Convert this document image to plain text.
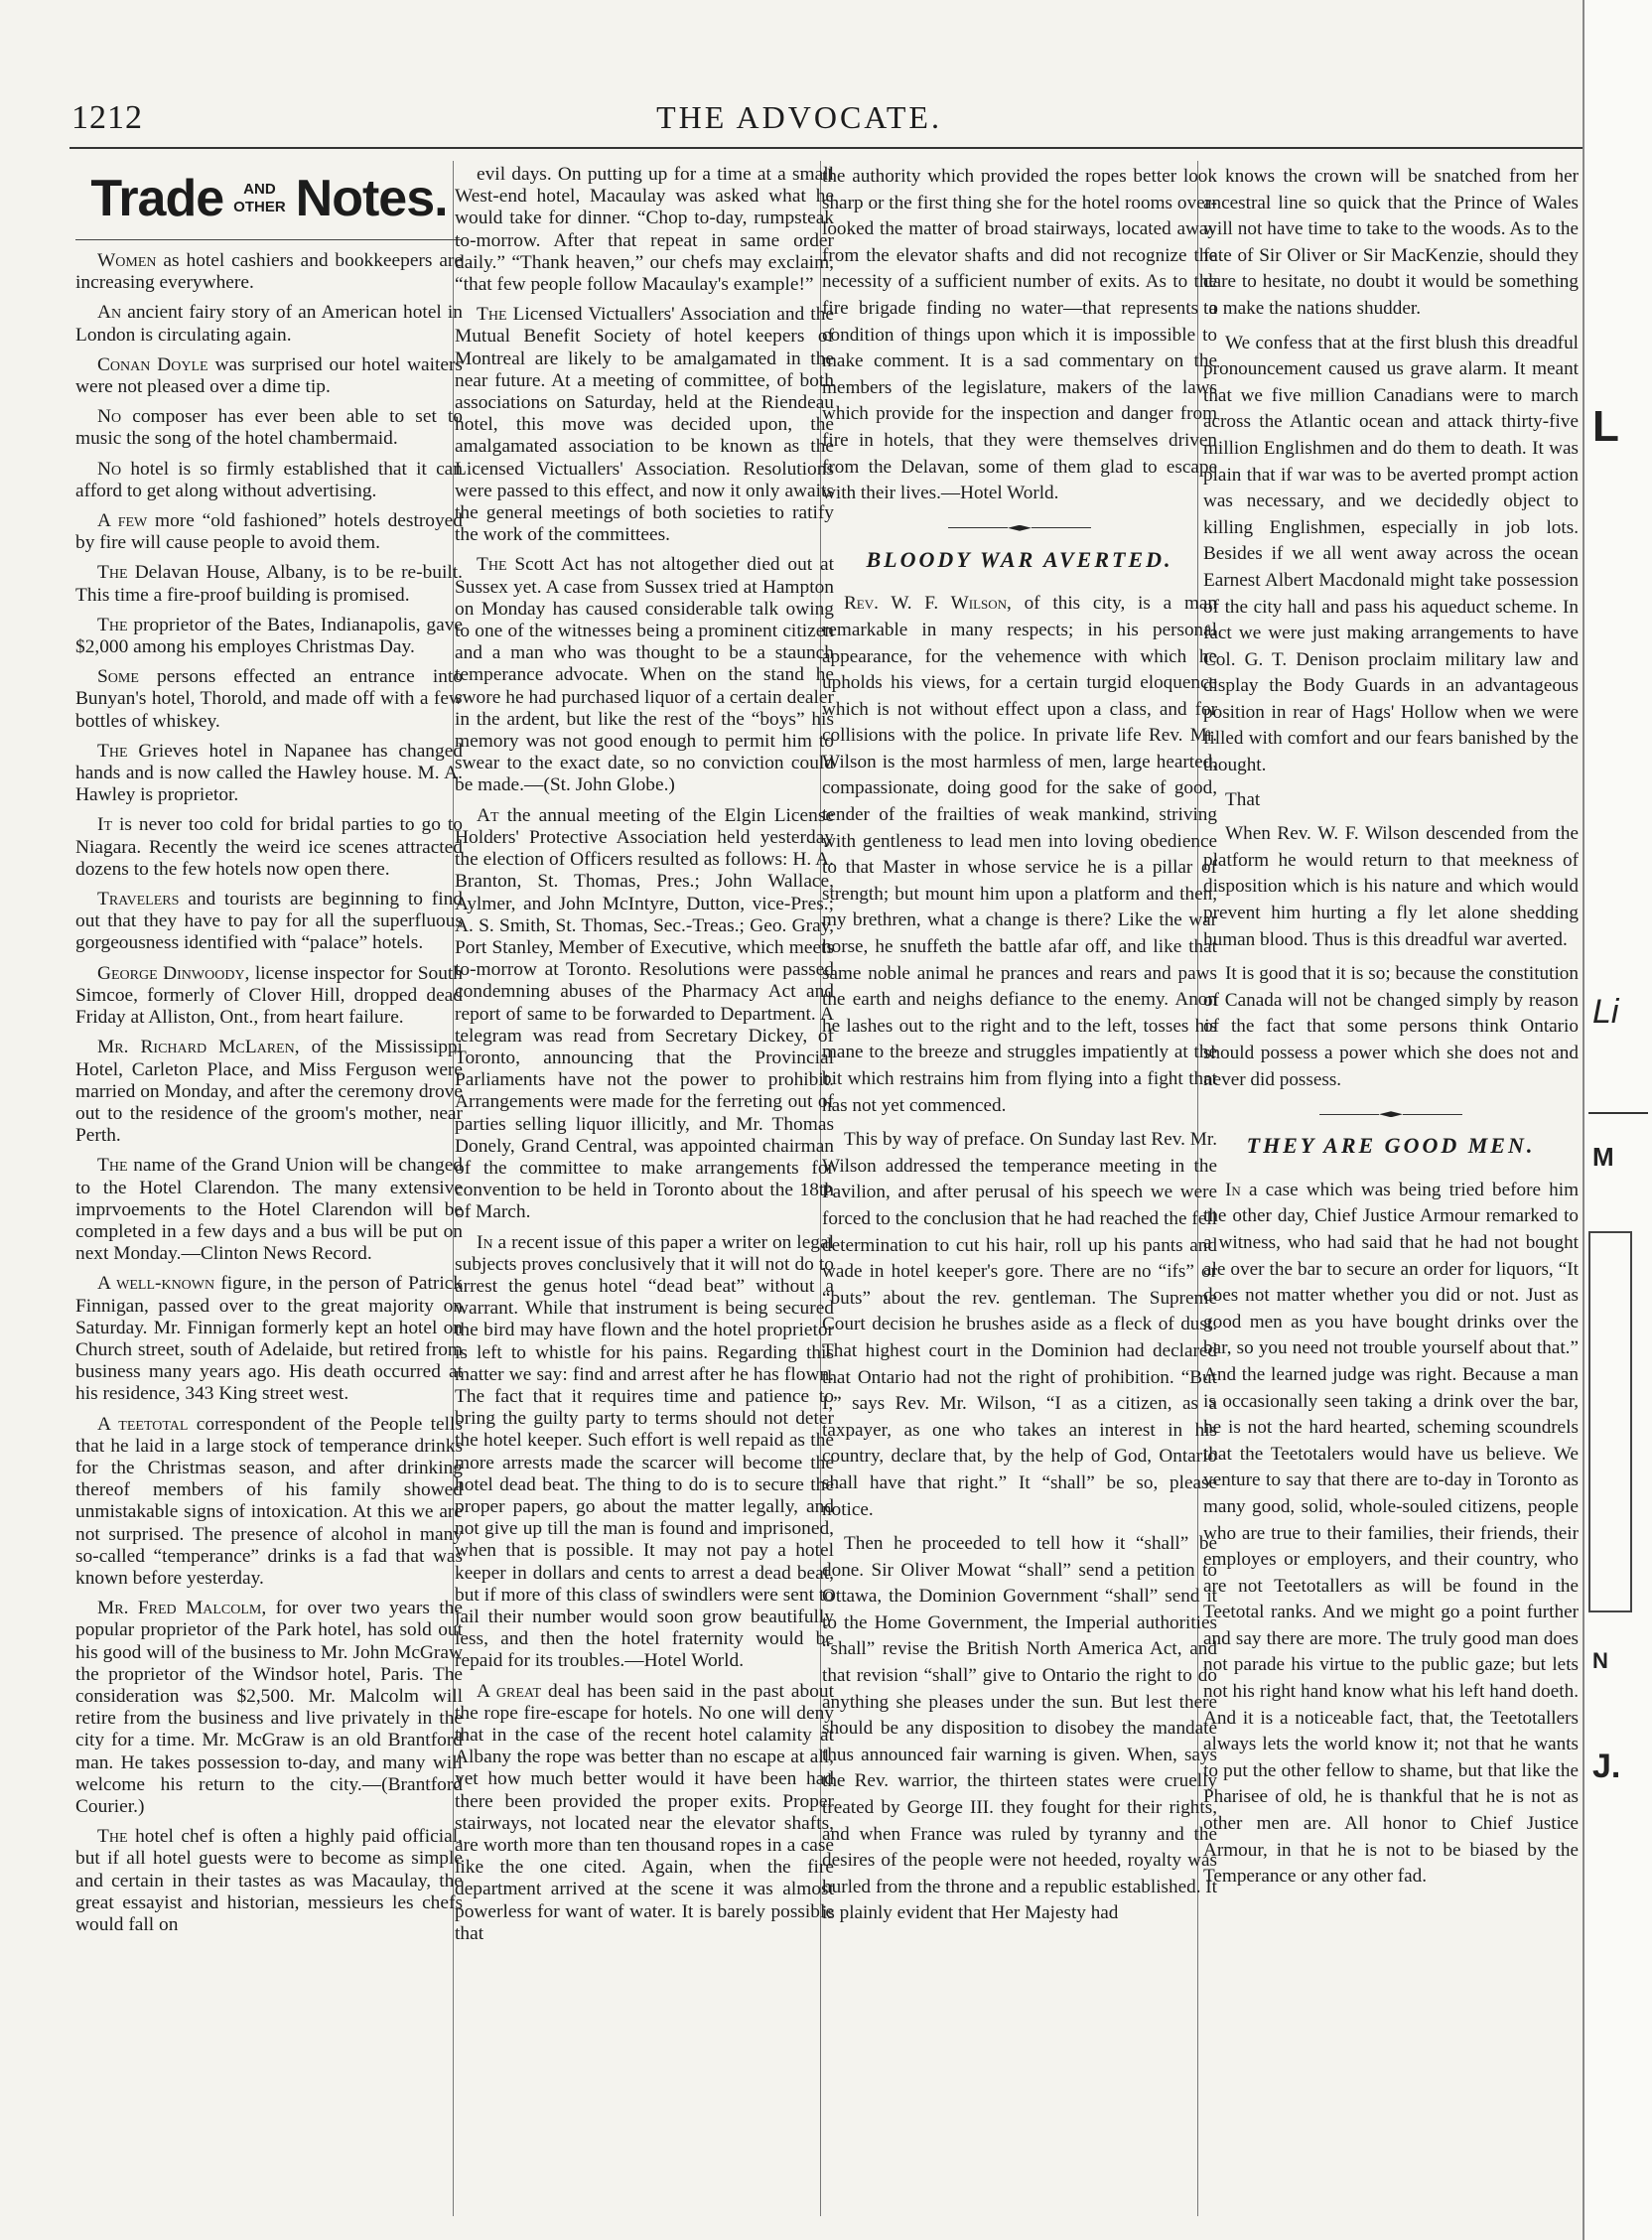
1212	THE ADVOCATE.
Trade AND
OTHER Notes.

Women as hotel cashiers and bookkeepers are increasing everywhere.

An ancient fairy story of an American hotel in London is circulating again.

Conan Doyle was surprised our hotel waiters were not pleased over a dime tip.

No composer has ever been able to set to music the song of the hotel chambermaid.

No hotel is so firmly established that it can afford to get along without advertising.

A few more “old fashioned” hotels destroyed by fire will cause people to avoid them.

The Delavan House, Albany, is to be re-built. This time a fire-proof building is promised.

The proprietor of the Bates, Indianapolis, gave $2,000 among his employes Christmas Day.

Some persons effected an entrance into Bunyan's hotel, Thorold, and made off with a few bottles of whiskey.

The Grieves hotel in Napanee has changed hands and is now called the Hawley house. M. A. Hawley is proprietor.

It is never too cold for bridal parties to go to Niagara. Recently the weird ice scenes attracted dozens to the few hotels now open there.

Travelers and tourists are beginning to find out that they have to pay for all the superfluous gorgeousness identified with “palace” hotels.

George Dinwoody, license inspector for South Simcoe, formerly of Clover Hill, dropped dead Friday at Alliston, Ont., from heart failure.

Mr. Richard McLaren, of the Mississippi Hotel, Carleton Place, and Miss Ferguson were married on Monday, and after the ceremony drove out to the residence of the groom's mother, near Perth.

The name of the Grand Union will be changed to the Hotel Clarendon. The many extensive imprvoements to the Hotel Clarendon will be completed in a few days and a bus will be put on next Monday.—Clinton News Record.

A well-known figure, in the person of Patrick Finnigan, passed over to the great majority on Saturday. Mr. Finnigan formerly kept an hotel on Church street, south of Adelaide, but retired from business many years ago. His death occurred at his residence, 343 King street west.

A teetotal correspondent of the People tells that he laid in a large stock of temperance drinks for the Christmas season, and after drinking thereof members of his family showed unmistakable signs of intoxication. At this we are not surprised. The presence of alcohol in many so-called “temperance” drinks is a fad that was known before yesterday.

Mr. Fred Malcolm, for over two years the popular proprietor of the Park hotel, has sold out his good will of the business to Mr. John McGraw the proprietor of the Windsor hotel, Paris. The consideration was $2,500. Mr. Malcolm will retire from the business and live privately in the city for a time. Mr. McGraw is an old Brantford man. He takes possession to-day, and many will welcome his return to the city.—(Brantford Courier.)

The hotel chef is often a highly paid official, but if all hotel guests were to become as simple and certain in their tastes as was Macaulay, the great essayist and historian, messieurs les chefs would fall on

evil days. On putting up for a time at a small West-end hotel, Macaulay was asked what he would take for dinner. “Chop to-day, rumpsteak to-morrow. After that repeat in same order daily.” “Thank heaven,” our chefs may exclaim, “that few people follow Macaulay's example!”

The Licensed Victuallers' Association and the Mutual Benefit Society of hotel keepers of Montreal are likely to be amalgamated in the near future. At a meeting of committee, of both associations on Saturday, held at the Riendeau hotel, this move was decided upon, the amalgamated association to be known as the Licensed Victuallers' Association. Resolutions were passed to this effect, and now it only awaits the general meetings of both societies to ratify the work of the committees.

The Scott Act has not altogether died out at Sussex yet. A case from Sussex tried at Hampton on Monday has caused considerable talk owing to one of the witnesses being a prominent citizen and a man who was thought to be a staunch temperance advocate. When on the stand he swore he had purchased liquor of a certain dealer in the ardent, but like the rest of the “boys” his memory was not good enough to permit him to swear to the exact date, so no conviction could be made.—(St. John Globe.)

At the annual meeting of the Elgin License Holders' Protective Association held yesterday the election of Officers resulted as follows: H. A. Branton, St. Thomas, Pres.; John Wallace, Aylmer, and John McIntyre, Dutton, vice-Pres.; A. S. Smith, St. Thomas, Sec.-Treas.; Geo. Gray, Port Stanley, Member of Executive, which meets to-morrow at Toronto. Resolutions were passed condemning abuses of the Pharmacy Act and report of same to be forwarded to Department. A telegram was read from Secretary Dickey, of Toronto, announcing that the Provincial Parliaments have not the power to prohibit. Arrangements were made for the ferreting out of parties selling liquor illicitly, and Mr. Thomas Donely, Grand Central, was appointed chairman of the committee to make arrangements for convention to be held in Toronto about the 18th of March.

In a recent issue of this paper a writer on legal subjects proves conclusively that it will not do to arrest the genus hotel “dead beat” without a warrant. While that instrument is being secured the bird may have flown and the hotel proprietor is left to whistle for his pains. Regarding this matter we say: find and arrest after he has flown. The fact that it requires time and patience to bring the guilty party to terms should not deter the hotel keeper. Such effort is well repaid as the more arrests made the scarcer will become the hotel dead beat. The thing to do is to secure the proper papers, go about the matter legally, and not give up till the man is found and imprisoned, when that is possible. It may not pay a hotel keeper in dollars and cents to arrest a dead beat, but if more of this class of swindlers were sent to jail their number would soon grow beautifully less, and then the hotel fraternity would be repaid for its troubles.—Hotel World.

A great deal has been said in the past about the rope fire-escape for hotels. No one will deny that in the case of the recent hotel calamity at Albany the rope was better than no escape at all, yet how much better would it have been had there been provided the proper exits. Proper stairways, not located near the elevator shafts, are worth more than ten thousand ropes in a case like the one cited. Again, when the fire department arrived at the scene it was almost powerless for want of water. It is barely possible that

the authority which provided the ropes better look sharp or the first thing she for the hotel rooms over-looked the matter of broad stairways, located away from the elevator shafts and did not recognize the necessity of a sufficient number of exits. As to the fire brigade finding no water—that represents a condition of things upon which it is impossible to make comment. It is a sad commentary on the members of the legislature, makers of the laws which provide for the inspection and danger from fire in hotels, that they were themselves driven from the Delavan, some of them glad to escape with their lives.—Hotel World.

BLOODY WAR AVERTED.

Rev. W. F. Wilson, of this city, is a man remarkable in many respects; in his personal appearance, for the vehemence with which he upholds his views, for a certain turgid eloquence which is not without effect upon a class, and for collisions with the police. In private life Rev. Mr. Wilson is the most harmless of men, large hearted, compassionate, doing good for the sake of good, tender of the frailties of weak mankind, striving with gentleness to lead men into loving obedience to that Master in whose service he is a pillar of strength; but mount him upon a platform and then, my brethren, what a change is there? Like the war horse, he snuffeth the battle afar off, and like that same noble animal he prances and rears and paws the earth and neighs defiance to the enemy. Anon he lashes out to the right and to the left, tosses his mane to the breeze and struggles impatiently at the bit which restrains him from flying into a fight that has not yet commenced.

This by way of preface. On Sunday last Rev. Mr. Wilson addressed the temperance meeting in the Pavilion, and after perusal of his speech we were forced to the conclusion that he had reached the fell determination to cut his hair, roll up his pants and wade in hotel keeper's gore. There are no “ifs” or “buts” about the rev. gentleman. The Supreme Court decision he brushes aside as a fleck of dust. That highest court in the Dominion had declared that Ontario had not the right of prohibition. “But I,” says Rev. Mr. Wilson, “I as a citizen, as a taxpayer, as one who takes an interest in his country, declare that, by the help of God, Ontario shall have that right.” It “shall” be so, please notice.

Then he proceeded to tell how it “shall” be done. Sir Oliver Mowat “shall” send a petition to Ottawa, the Dominion Government “shall” send it to the Home Government, the Imperial authorities “shall” revise the British North America Act, and that revision “shall” give to Ontario the right to do anything she pleases under the sun. But lest there should be any disposition to disobey the mandate thus announced fair warning is given. When, says the Rev. warrior, the thirteen states were cruelly treated by George III. they fought for their rights, and when France was ruled by tyranny and the desires of the people were not heeded, royalty was hurled from the throne and a republic established. It is plainly evident that Her Majesty had

knows the crown will be snatched from her ancestral line so quick that the Prince of Wales will not have time to take to the woods. As to the fate of Sir Oliver or Sir MacKenzie, should they dare to hesitate, no doubt it would be something to make the nations shudder.

We confess that at the first blush this dreadful pronouncement caused us grave alarm. It meant that we five million Canadians were to march across the Atlantic ocean and attack thirty-five million Englishmen and do them to death. It was plain that if war was to be averted prompt action was necessary, and we decidedly object to killing Englishmen, especially in job lots. Besides if we all went away across the ocean Earnest Albert Macdonald might take possession of the city hall and pass his aqueduct scheme. In fact we were just making arrangements to have Col. G. T. Denison proclaim military law and display the Body Guards in an advantageous position in rear of Hags' Hollow when we were filled with comfort and our fears banished by the thought.

That

When Rev. W. F. Wilson descended from the platform he would return to that meekness of disposition which is his nature and which would prevent him hurting a fly let alone shedding human blood. Thus is this dreadful war averted.

It is good that it is so; because the constitution of Canada will not be changed simply by reason of the fact that some persons think Ontario should possess a power which she does not and never did possess.

THEY ARE GOOD MEN.

In a case which was being tried before him the other day, Chief Justice Armour remarked to a witness, who had said that he had not bought ale over the bar to secure an order for liquors, “It does not matter whether you did or not. Just as good men as you have bought drinks over the bar, so you need not trouble yourself about that.” And the learned judge was right. Because a man is occasionally seen taking a drink over the bar, he is not the hard hearted, scheming scoundrels that the Teetotalers would have us believe. We venture to say that there are to-day in Toronto as many good, solid, whole-souled citizens, people who are true to their families, their friends, their employes or employers, and their country, who are not Teetotallers as will be found in the Teetotal ranks. And we might go a point further and say there are more. The truly good man does not parade his virtue to the public gaze; but lets not his right hand know what his left hand doeth. And it is a noticeable fact, that, the Teetotallers always lets the world know it; not that he wants to put the other fellow to shame, but that like the Pharisee of old, he is thankful that he is not as other men are. All honor to Chief Justice Armour, in that he is not to be biased by the Temperance or any other fad.

L
Li
M
N
J.
